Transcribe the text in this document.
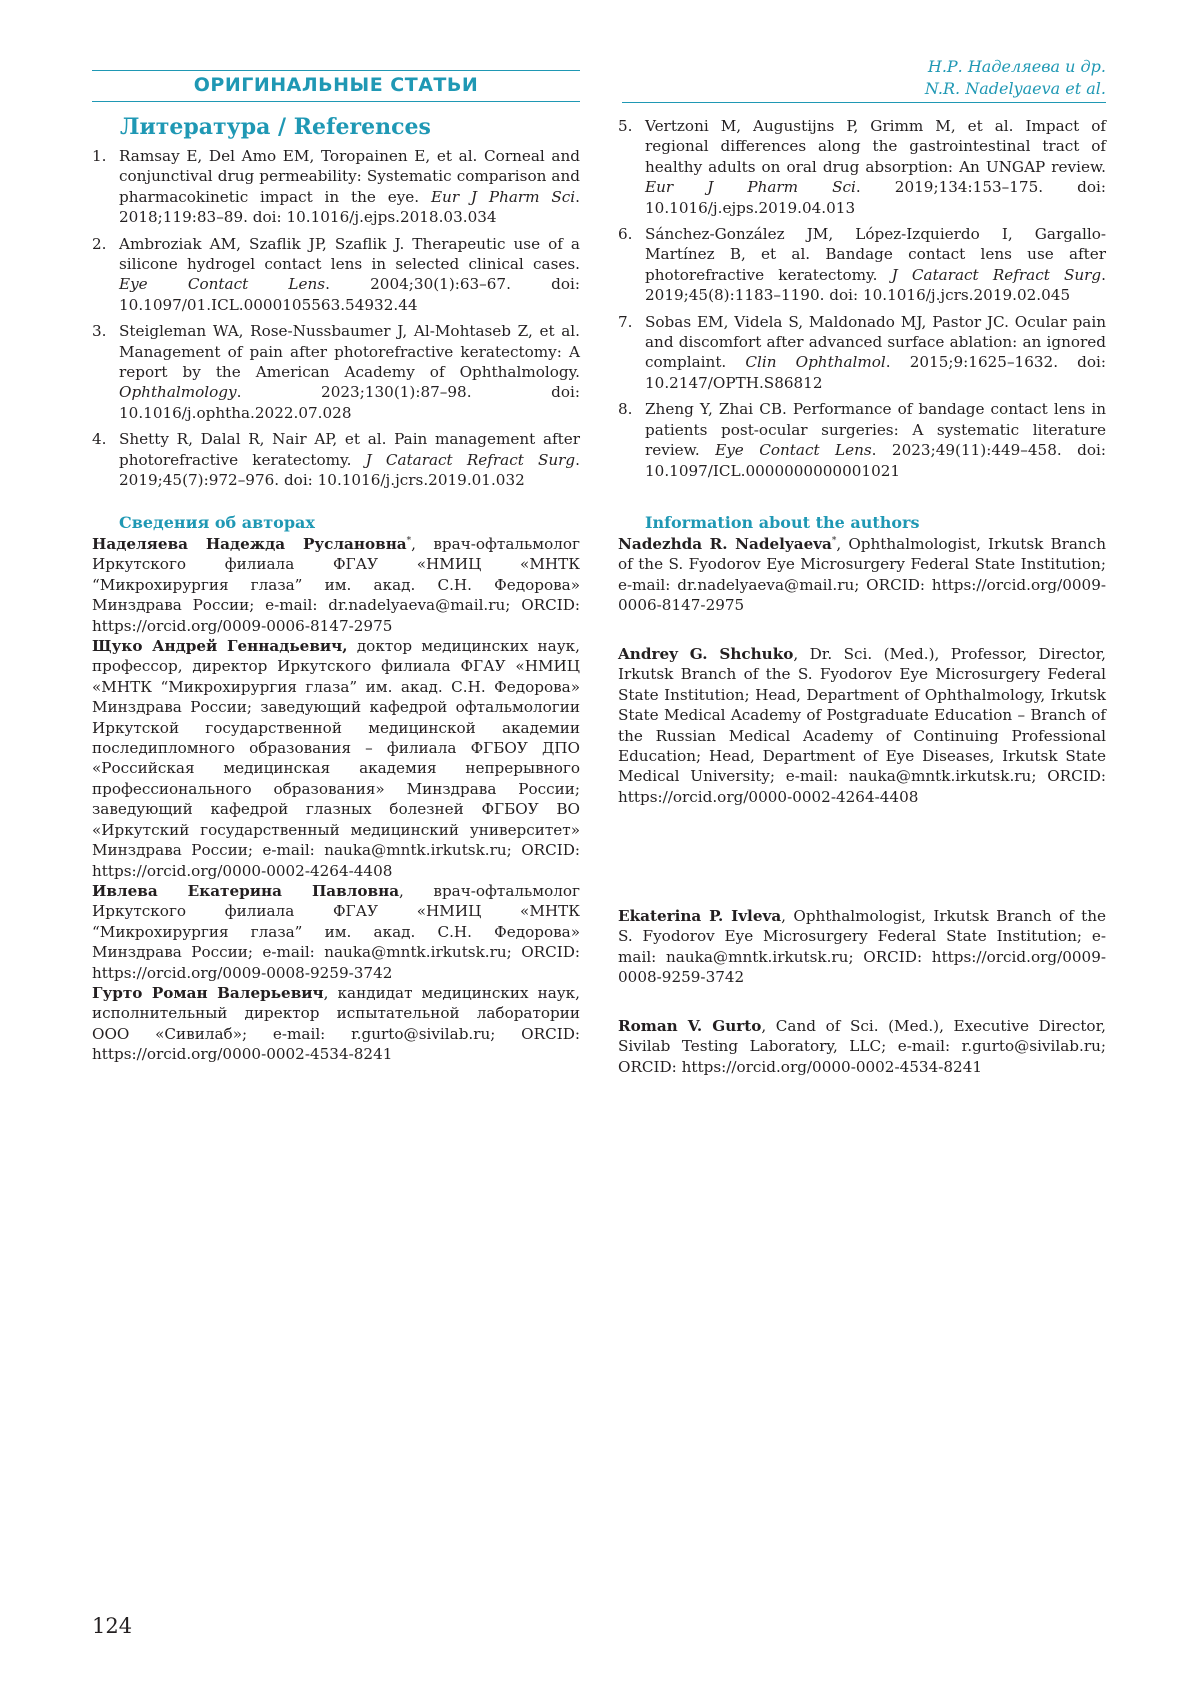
ОРИГИНАЛЬНЫЕ СТАТЬИ
Н.Р. Наделяева и др.
N.R. Nadelyaeva et al.
Литература / References
1. Ramsay E, Del Amo EM, Toropainen E, et al. Corneal and conjunctival drug permeability: Systematic comparison and pharmacokinetic impact in the eye. Eur J Pharm Sci. 2018;119:83–89. doi: 10.1016/j.ejps.2018.03.034
2. Ambroziak AM, Szaflik JP, Szaflik J. Therapeutic use of a silicone hydrogel contact lens in selected clinical cases. Eye Contact Lens. 2004;30(1):63–67. doi: 10.1097/01.ICL.0000105563.54932.44
3. Steigleman WA, Rose-Nussbaumer J, Al-Mohtaseb Z, et al. Management of pain after photorefractive keratectomy: A report by the American Academy of Ophthalmology. Ophthalmology. 2023;130(1):87–98. doi: 10.1016/j.ophtha.2022.07.028
4. Shetty R, Dalal R, Nair AP, et al. Pain management after photorefractive keratectomy. J Cataract Refract Surg. 2019;45(7):972–976. doi: 10.1016/j.jcrs.2019.01.032
5. Vertzoni M, Augustijns P, Grimm M, et al. Impact of regional differences along the gastrointestinal tract of healthy adults on oral drug absorption: An UNGAP review. Eur J Pharm Sci. 2019;134:153–175. doi: 10.1016/j.ejps.2019.04.013
6. Sánchez-González JM, López-Izquierdo I, Gargallo-Martínez B, et al. Bandage contact lens use after photorefractive keratectomy. J Cataract Refract Surg. 2019;45(8):1183–1190. doi: 10.1016/j.jcrs.2019.02.045
7. Sobas EM, Videla S, Maldonado MJ, Pastor JC. Ocular pain and discomfort after advanced surface ablation: an ignored complaint. Clin Ophthalmol. 2015;9:1625–1632. doi: 10.2147/OPTH.S86812
8. Zheng Y, Zhai CB. Performance of bandage contact lens in patients post-ocular surgeries: A systematic literature review. Eye Contact Lens. 2023;49(11):449–458. doi: 10.1097/ICL.0000000000001021
Сведения об авторах
Наделяева Надежда Руслановна*, врач-офтальмолог Иркутского филиала ФГАУ «НМИЦ «МНТК “Микрохирургия глаза” им. акад. С.Н. Федорова» Минздрава России; e-mail: dr.nadelyaeva@mail.ru; ORCID: https://orcid.org/0009-0006-8147-2975
Щуко Андрей Геннадьевич, доктор медицинских наук, профессор, директор Иркутского филиала ФГАУ «НМИЦ «МНТК “Микрохирургия глаза” им. акад. С.Н. Федорова» Минздрава России; заведующий кафедрой офтальмологии Иркутской государственной медицинской академии последипломного образования – филиала ФГБОУ ДПО «Российская медицинская академия непрерывного профессионального образования» Минздрава России; заведующий кафедрой глазных болезней ФГБОУ ВО «Иркутский государственный медицинский университет» Минздрава России; e-mail: nauka@mntk.irkutsk.ru; ORCID: https://orcid.org/0000-0002-4264-4408
Ивлева Екатерина Павловна, врач-офтальмолог Иркутского филиала ФГАУ «НМИЦ «МНТК “Микрохирургия глаза” им. акад. С.Н. Федорова» Минздрава России; e-mail: nauka@mntk.irkutsk.ru; ORCID: https://orcid.org/0009-0008-9259-3742
Гурто Роман Валерьевич, кандидат медицинских наук, исполнительный директор испытательной лаборатории ООО «Сивилаб»; e-mail: r.gurto@sivilab.ru; ORCID: https://orcid.org/0000-0002-4534-8241
Information about the authors
Nadezhda R. Nadelyaeva*, Ophthalmologist, Irkutsk Branch of the S. Fyodorov Eye Microsurgery Federal State Institution; e-mail: dr.nadelyaeva@mail.ru; ORCID: https://orcid.org/0009-0006-8147-2975
Andrey G. Shchuko, Dr. Sci. (Med.), Professor, Director, Irkutsk Branch of the S. Fyodorov Eye Microsurgery Federal State Institution; Head, Department of Ophthalmology, Irkutsk State Medical Academy of Postgraduate Education – Branch of the Russian Medical Academy of Continuing Professional Education; Head, Department of Eye Diseases, Irkutsk State Medical University; e-mail: nauka@mntk.irkutsk.ru; ORCID: https://orcid.org/0000-0002-4264-4408
Ekaterina P. Ivleva, Ophthalmologist, Irkutsk Branch of the S. Fyodorov Eye Microsurgery Federal State Institution; e-mail: nauka@mntk.irkutsk.ru; ORCID: https://orcid.org/0009-0008-9259-3742
Roman V. Gurto, Cand of Sci. (Med.), Executive Director, Sivilab Testing Laboratory, LLC; e-mail: r.gurto@sivilab.ru; ORCID: https://orcid.org/0000-0002-4534-8241
124
